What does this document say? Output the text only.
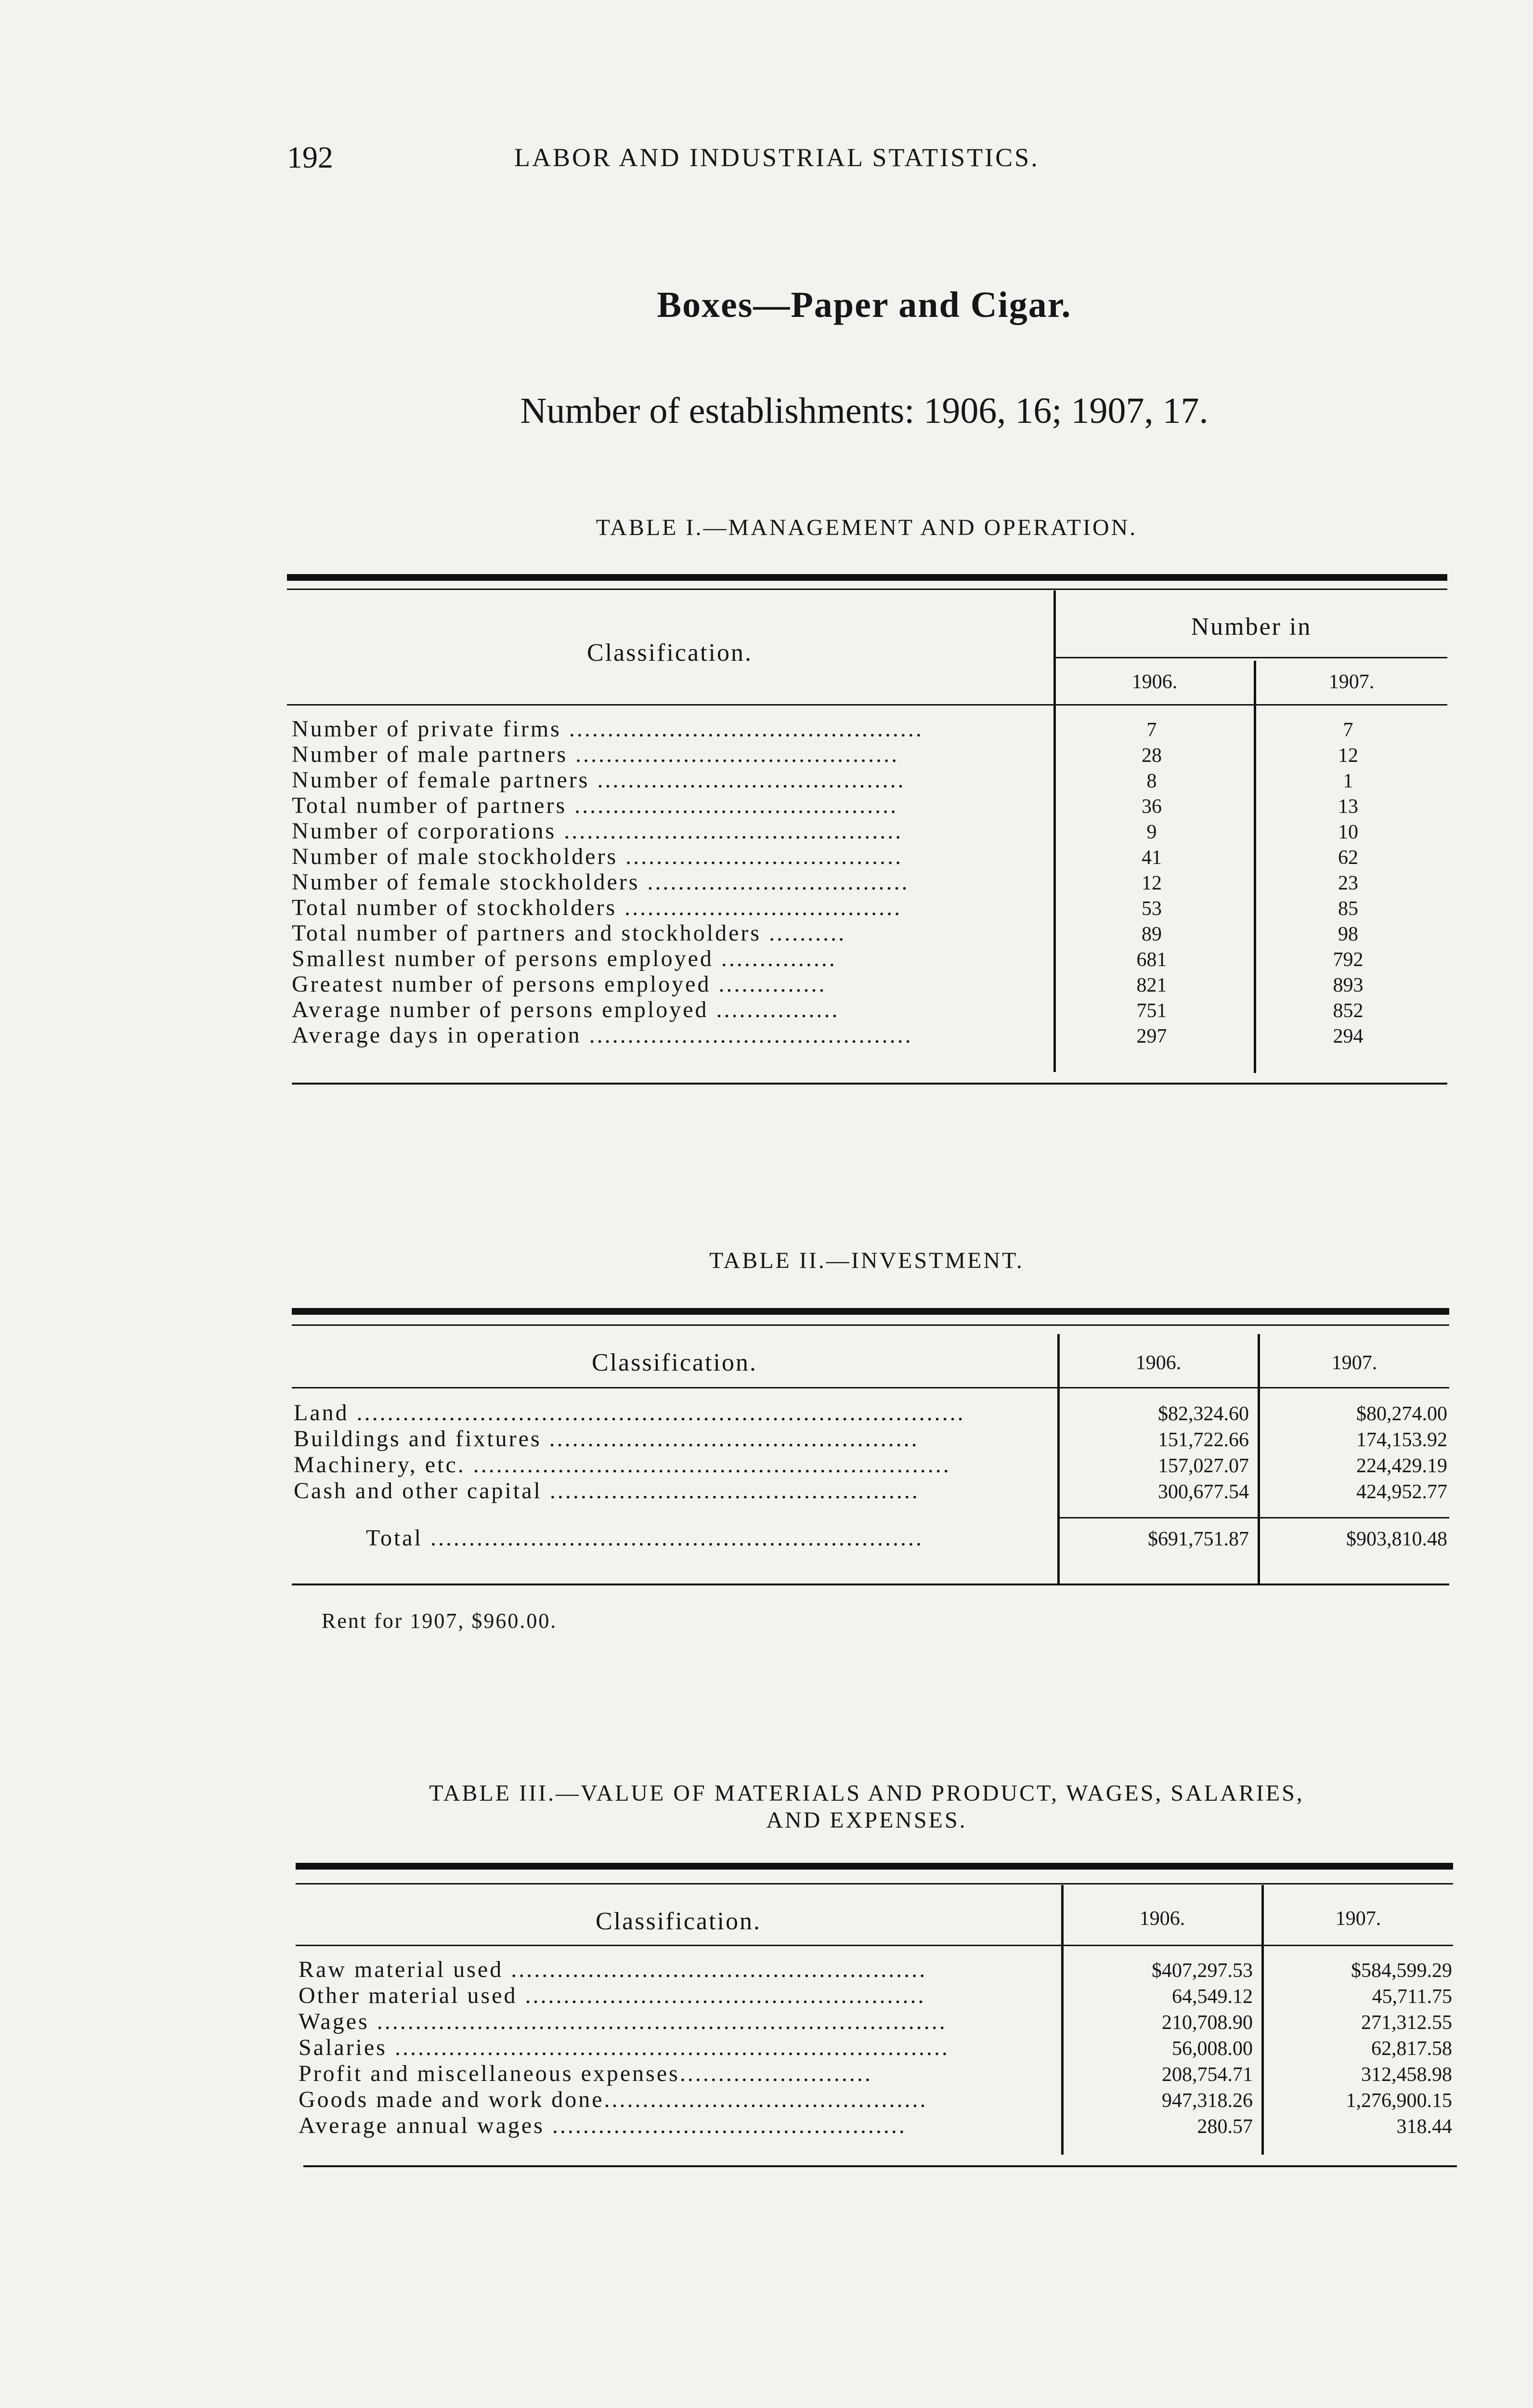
192	LABOR AND INDUSTRIAL STATISTICS.
Boxes—Paper and Cigar.
Number of establishments: 1906, 16; 1907, 17.
TABLE I.—MANAGEMENT AND OPERATION.
Classification.
Number in
1906.	1907.
Number of private firms ..............................................	7	7
Number of male partners ..........................................	28	12
Number of female partners ........................................	8	1
Total number of partners ..........................................	36	13
Number of corporations ............................................	9	10
Number of male stockholders ....................................	41	62
Number of female stockholders ..................................	12	23
Total number of stockholders ....................................	53	85
Total number of partners and stockholders ..........	89	98
Smallest number of persons employed ...............	681	792
Greatest number of persons employed ..............	821	893
Average number of persons employed ................	751	852
Average days in operation ..........................................	297	294
TABLE II.—INVESTMENT.
Classification.	1906.	1907.
Land ...............................................................................	$82,324.60	$80,274.00
Buildings and fixtures ................................................	151,722.66	174,153.92
Machinery, etc. ..............................................................	157,027.07	224,429.19
Cash and other capital ................................................	300,677.54	424,952.77
Total ................................................................	$691,751.87	$903,810.48
Rent for 1907, $960.00.
TABLE III.—VALUE OF MATERIALS AND PRODUCT, WAGES, SALARIES,
AND EXPENSES.
Classification.	1906.	1907.
Raw material used ......................................................	$407,297.53	$584,599.29
Other material used ....................................................	64,549.12	45,711.75
Wages ..........................................................................	210,708.90	271,312.55
Salaries ........................................................................	56,008.00	62,817.58
Profit and miscellaneous expenses.........................	208,754.71	312,458.98
Goods made and work done..........................................	947,318.26	1,276,900.15
Average annual wages ..............................................	280.57	318.44
